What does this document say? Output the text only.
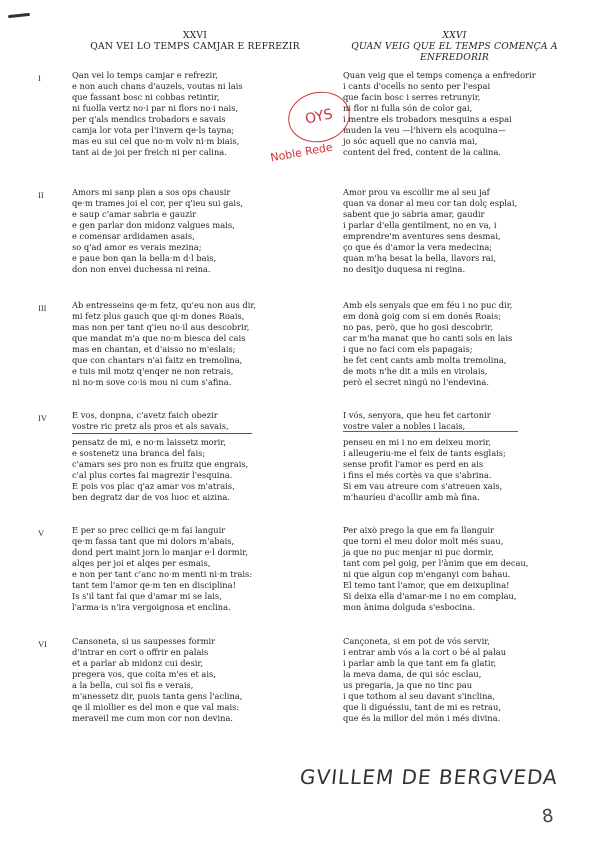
XXVI
QAN VEI LO TEMPS CAMJAR E REFREZIR
XXVI
QUAN VEIG QUE EL TEMPS COMENÇA A ENFREDORIR
I	Qan vei lo temps camjar e refrezir,
e non auch chans d'auzels, voutas ni lais
que fassant bosc ni cobbas retintir,
ni fuolla vertz no·i par ni flors no·i nais,
per q'als mendics trobadors e savais
camja lor vota per l'invern qe·ls tayna;
mas eu sui cel que no·m volv ni·m biais,
tant ai de joi per freich ni per calina.
Quan veig que el temps comença a enfredorir
i cants d'ocells no sento per l'espai
que facin bosc i serres retrunyir,
ni flor ni fulla són de color gai,
i mentre els trobadors mesquins a espai
muden la veu —l'hivern els acoquina—
jo sóc aquell que no canvia mai,
content del fred, content de la calina.
II	Amors mi sanp plan a sos ops chausir
qe·m trames joi el cor, per q'ieu sui gais,
e saup c'amar sabria e gauzir
e gen parlar don midonz valgues mais,
e comensar ardidamen asais,
so q'ad amor es verais mezina;
e paue bon qan la bella·m d·l bais,
don non envei duchessa ni reina.
Amor prou va escollir me al seu jaf
quan va donar al meu cor tan dolç esplai,
sabent que jo sabria amar, gaudir
i parlar d'ella gentilment, no en va, i
emprendre'm aventures sens desmai,
ço que és d'amor la vera medecina;
quan m'ha besat la bella, llavors rai,
no desitjo duquesa ni regina.
III	Ab entresseins qe·m fetz, qu'eu non aus dir,
mi fetz plus gauch que qi·m dones Roais,
mas non per tant q'ieu no·il aus descobrir,
que mandat m'a que no·m biesca del cais
mas en chantan, et d'aisso no m'eslais;
que con chantars n'ai faitz en tremolina,
e tuis mil motz q'enqer ne non retrais,
ni no·m sove co·is mou ni cum s'afina.
Amb els senyals que em féu i no puc dir,
em donà goig com si em donés Roais;
no pas, però, que ho gosi descobrir,
car m'ha manat que ho canti sols en lais
i que no faci com els papagais;
he fet cent cants amb molta tremolina,
de mots n'he dit a mils en virolais,
però el secret ningú no l'endevina.
IV	E vos, donpna, c'avetz faich obezir
vostre ric pretz als pros et als savais,
pensatz de mi, e no·m laissetz morir,
e sostenetz una branca del fais;
c'amars ses pro non es fruitz que engrais,
c'al plus cortes fai magrezir l'esquina.
E pois vos plac q'az amar vos m'atrais,
ben degratz dar de vos luoc et aizina.
I vós, senyora, que heu fet cartonir
vostre valer a nobles i lacais,
penseu en mi i no em deixeu morir,
i alleugeriu-me el feix de tants esglais;
sense profit l'amor es perd en ais
i fins el més cortès va que s'abrina.
Si em vau atreure com s'atreuen xais,
m'hauríeu d'acollir amb mà fina.
V	E per so prec cellici qe·m fai languir
qe·m fassa tant que mi dolors m'abais,
dond pert maint jorn lo manjar e·l dormir,
alqes per joi et alqes per esmais,
e non per tant c'anc no·m menti ni·m trais:
tant tem l'amor qe·m ten en disciplina!
Is s'il tant fai que d'amar mi se lais,
l'arma·is n'ira vergoignosa et enclina.
Per això prego la que em fa llanguir
que torni el meu dolor molt més suau,
ja que no puc menjar ni puc dormir,
tant com pel goig, per l'ànim que em decau,
ni que algun cop m'enganyi com bahau.
El temo tant l'amor, que em deixuplina!
Si deixa ella d'amar-me i no em complau,
mon ànima dolguda s'esbocina.
VI	Cansoneta, si us saupesses formir
d'intrar en cort o offrir en palais
et a parlar ab midonz cui desir,
pregera vos, que coita m'es et ais,
a la bella, cui soi fis e verais,
m'anessetz dir, puois tanta gens l'aclina,
qe il miollier es del mon e que val mais:
meraveil me cum mon cor non devina.
Cançoneta, si em pot de vós servir,
i entrar amb vós a la cort o bé al palau
i parlar amb la que tant em fa glatir,
la meva dama, de qui sóc esclau,
us pregaria, ja que no tinc pau
i que tothom al seu davant s'inclina,
que li diguéssiu, tant de mi es retrau,
que és la millor del món i més divina.
OYS
Noble Rede
GVILLEM DE BERGVEDA
8
